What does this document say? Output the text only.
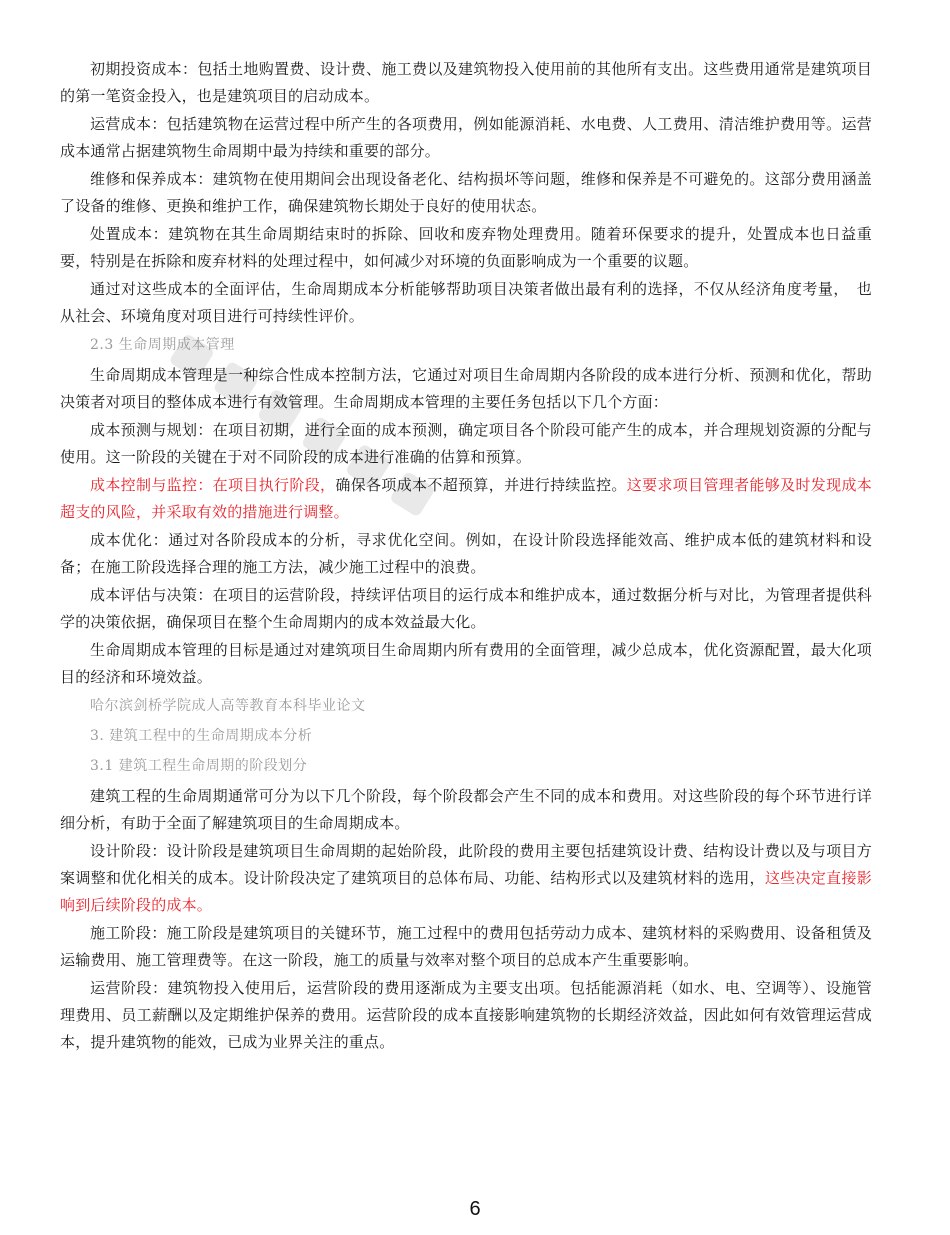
初期投资成本：包括土地购置费、设计费、施工费以及建筑物投入使用前的其他所有支出。这些费用通常是建筑项目的第一笔资金投入，也是建筑项目的启动成本。

运营成本：包括建筑物在运营过程中所产生的各项费用，例如能源消耗、水电费、人工费用、清洁维护费用等。运营成本通常占据建筑物生命周期中最为持续和重要的部分。

维修和保养成本：建筑物在使用期间会出现设备老化、结构损坏等问题，维修和保养是不可避免的。这部分费用涵盖了设备的维修、更换和维护工作，确保建筑物长期处于良好的使用状态。

处置成本：建筑物在其生命周期结束时的拆除、回收和废弃物处理费用。随着环保要求的提升，处置成本也日益重要，特别是在拆除和废弃材料的处理过程中，如何减少对环境的负面影响成为一个重要的议题。

通过对这些成本的全面评估，生命周期成本分析能够帮助项目决策者做出最有利的选择，不仅从经济角度考量，　也从社会、环境角度对项目进行可持续性评价。

2.3 生命周期成本管理

生命周期成本管理是一种综合性成本控制方法，它通过对项目生命周期内各阶段的成本进行分析、预测和优化，帮助决策者对项目的整体成本进行有效管理。生命周期成本管理的主要任务包括以下几个方面：

成本预测与规划：在项目初期，进行全面的成本预测，确定项目各个阶段可能产生的成本，并合理规划资源的分配与使用。这一阶段的关键在于对不同阶段的成本进行准确的估算和预算。

成本控制与监控：在项目执行阶段，确保各项成本不超预算，并进行持续监控。这要求项目管理者能够及时发现成本超支的风险，并采取有效的措施进行调整。

成本优化：通过对各阶段成本的分析，寻求优化空间。例如，在设计阶段选择能效高、维护成本低的建筑材料和设备；在施工阶段选择合理的施工方法，减少施工过程中的浪费。

成本评估与决策：在项目的运营阶段，持续评估项目的运行成本和维护成本，通过数据分析与对比，为管理者提供科学的决策依据，确保项目在整个生命周期内的成本效益最大化。

生命周期成本管理的目标是通过对建筑项目生命周期内所有费用的全面管理，减少总成本，优化资源配置，最大化项目的经济和环境效益。

哈尔滨剑桥学院成人高等教育本科毕业论文

3. 建筑工程中的生命周期成本分析

3.1 建筑工程生命周期的阶段划分

建筑工程的生命周期通常可分为以下几个阶段，每个阶段都会产生不同的成本和费用。对这些阶段的每个环节进行详细分析，有助于全面了解建筑项目的生命周期成本。

设计阶段：设计阶段是建筑项目生命周期的起始阶段，此阶段的费用主要包括建筑设计费、结构设计费以及与项目方案调整和优化相关的成本。设计阶段决定了建筑项目的总体布局、功能、结构形式以及建筑材料的选用，这些决定直接影响到后续阶段的成本。

施工阶段：施工阶段是建筑项目的关键环节，施工过程中的费用包括劳动力成本、建筑材料的采购费用、设备租赁及运输费用、施工管理费等。在这一阶段，施工的质量与效率对整个项目的总成本产生重要影响。

运营阶段：建筑物投入使用后，运营阶段的费用逐渐成为主要支出项。包括能源消耗（如水、电、空调等）、设施管理费用、员工薪酬以及定期维护保养的费用。运营阶段的成本直接影响建筑物的长期经济效益，因此如何有效管理运营成本，提升建筑物的能效，已成为业界关注的重点。

6
